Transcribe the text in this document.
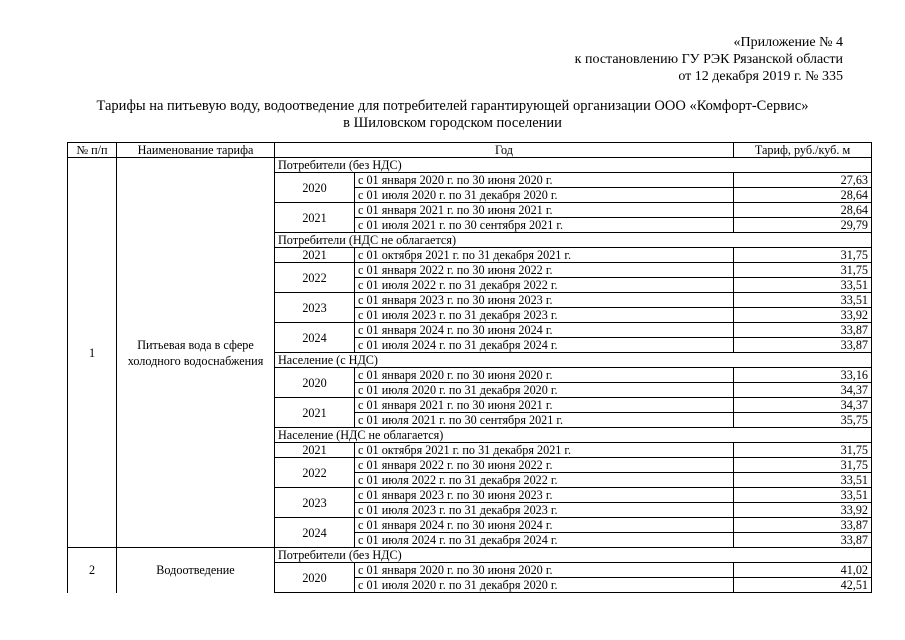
«Приложение № 4
к постановлению ГУ РЭК Рязанской области
от 12 декабря 2019 г. № 335
Тарифы на питьевую воду, водоотведение для потребителей гарантирующей организации ООО «Комфорт-Сервис»
в Шиловском городском поселении
№ п/п	Наименование тарифа	Год		Тариф, руб./куб. м
1	Питьевая вода в сфере холодного водоснабжения	Потребители (без НДС)		
		2020	с 01 января 2020 г. по 30 июня 2020 г.	27,63
			с 01 июля 2020 г. по 31 декабря 2020 г.	28,64
		2021	с 01 января 2021 г. по 30 июня 2021 г.	28,64
			с 01 июля 2021 г. по 30 сентября 2021 г.	29,79
		Потребители (НДС не облагается)		
		2021	с 01 октября 2021 г. по 31 декабря 2021 г.	31,75
		2022	с 01 января 2022 г. по 30 июня 2022 г.	31,75
			с 01 июля 2022 г. по 31 декабря 2022 г.	33,51
		2023	с 01 января 2023 г. по 30 июня 2023 г.	33,51
			с 01 июля 2023 г. по 31 декабря 2023 г.	33,92
		2024	с 01 января 2024 г. по 30 июня 2024 г.	33,87
			с 01 июля 2024 г. по 31 декабря 2024 г.	33,87
		Население (с НДС)		
		2020	с 01 января 2020 г. по 30 июня 2020 г.	33,16
			с 01 июля 2020 г. по 31 декабря 2020 г.	34,37
		2021	с 01 января 2021 г. по 30 июня 2021 г.	34,37
			с 01 июля 2021 г. по 30 сентября 2021 г.	35,75
		Население (НДС не облагается)		
		2021	с 01 октября 2021 г. по 31 декабря 2021 г.	31,75
		2022	с 01 января 2022 г. по 30 июня 2022 г.	31,75
			с 01 июля 2022 г. по 31 декабря 2022 г.	33,51
		2023	с 01 января 2023 г. по 30 июня 2023 г.	33,51
			с 01 июля 2023 г. по 31 декабря 2023 г.	33,92
		2024	с 01 января 2024 г. по 30 июня 2024 г.	33,87
			с 01 июля 2024 г. по 31 декабря 2024 г.	33,87
2	Водоотведение	Потребители (без НДС)		
		2020	с 01 января 2020 г. по 30 июня 2020 г.	41,02
			с 01 июля 2020 г. по 31 декабря 2020 г.	42,51
